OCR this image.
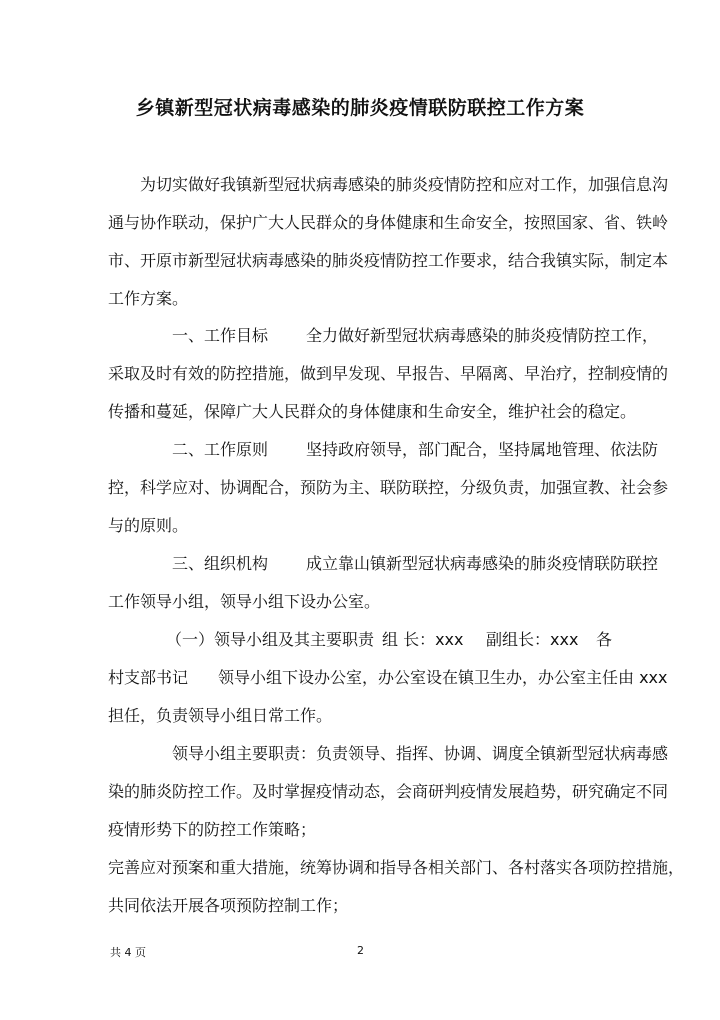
乡镇新型冠状病毒感染的肺炎疫情联防联控工作方案

为切实做好我镇新型冠状病毒感染的肺炎疫情防控和应对工作，加强信息沟

通与协作联动，保护广大人民群众的身体健康和生命安全，按照国家、省、铁岭

市、开原市新型冠状病毒感染的肺炎疫情防控工作要求，结合我镇实际，制定本

工作方案。

一、工作目标 全力做好新型冠状病毒感染的肺炎疫情防控工作，

采取及时有效的防控措施，做到早发现、早报告、早隔离、早治疗，控制疫情的

传播和蔓延，保障广大人民群众的身体健康和生命安全，维护社会的稳定。

二、工作原则 坚持政府领导，部门配合，坚持属地管理、依法防

控，科学应对、协调配合，预防为主、联防联控，分级负责，加强宣教、社会参

与的原则。

三、组织机构 成立靠山镇新型冠状病毒感染的肺炎疫情联防联控

工作领导小组，领导小组下设办公室。

（一）领导小组及其主要职责 组 长：xxx 副组长：xxx 各

村支部书记 领导小组下设办公室，办公室设在镇卫生办，办公室主任由 xxx

担任，负责领导小组日常工作。

领导小组主要职责：负责领导、指挥、协调、调度全镇新型冠状病毒感

染的肺炎防控工作。及时掌握疫情动态，会商研判疫情发展趋势，研究确定不同

疫情形势下的防控工作策略；

完善应对预案和重大措施，统筹协调和指导各相关部门、各村落实各项防控措施，

共同依法开展各项预防控制工作；

共 4 页	2
